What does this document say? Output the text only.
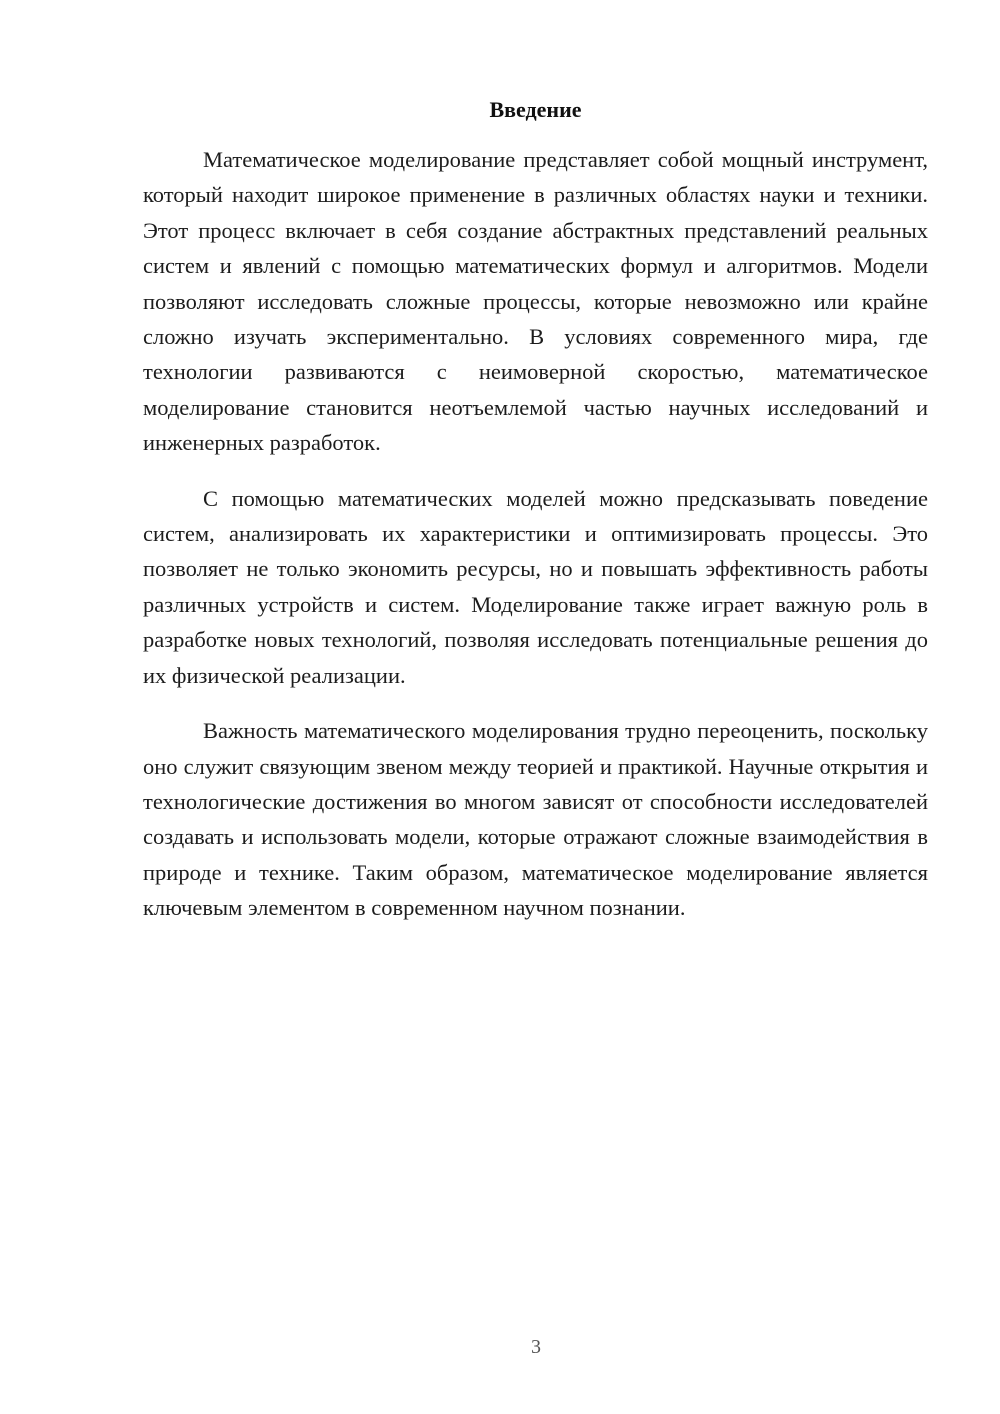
Введение

Математическое моделирование представляет собой мощный инструмент, который находит широкое применение в различных областях науки и техники. Этот процесс включает в себя создание абстрактных представлений реальных систем и явлений с помощью математических формул и алгоритмов. Модели позволяют исследовать сложные процессы, которые невозможно или крайне сложно изучать экспериментально. В условиях современного мира, где технологии развиваются с неимоверной скоростью, математическое моделирование становится неотъемлемой частью научных исследований и инженерных разработок.

С помощью математических моделей можно предсказывать поведение систем, анализировать их характеристики и оптимизировать процессы. Это позволяет не только экономить ресурсы, но и повышать эффективность работы различных устройств и систем. Моделирование также играет важную роль в разработке новых технологий, позволяя исследовать потенциальные решения до их физической реализации.

Важность математического моделирования трудно переоценить, поскольку оно служит связующим звеном между теорией и практикой. Научные открытия и технологические достижения во многом зависят от способности исследователей создавать и использовать модели, которые отражают сложные взаимодействия в природе и технике. Таким образом, математическое моделирование является ключевым элементом в современном научном познании.

3
